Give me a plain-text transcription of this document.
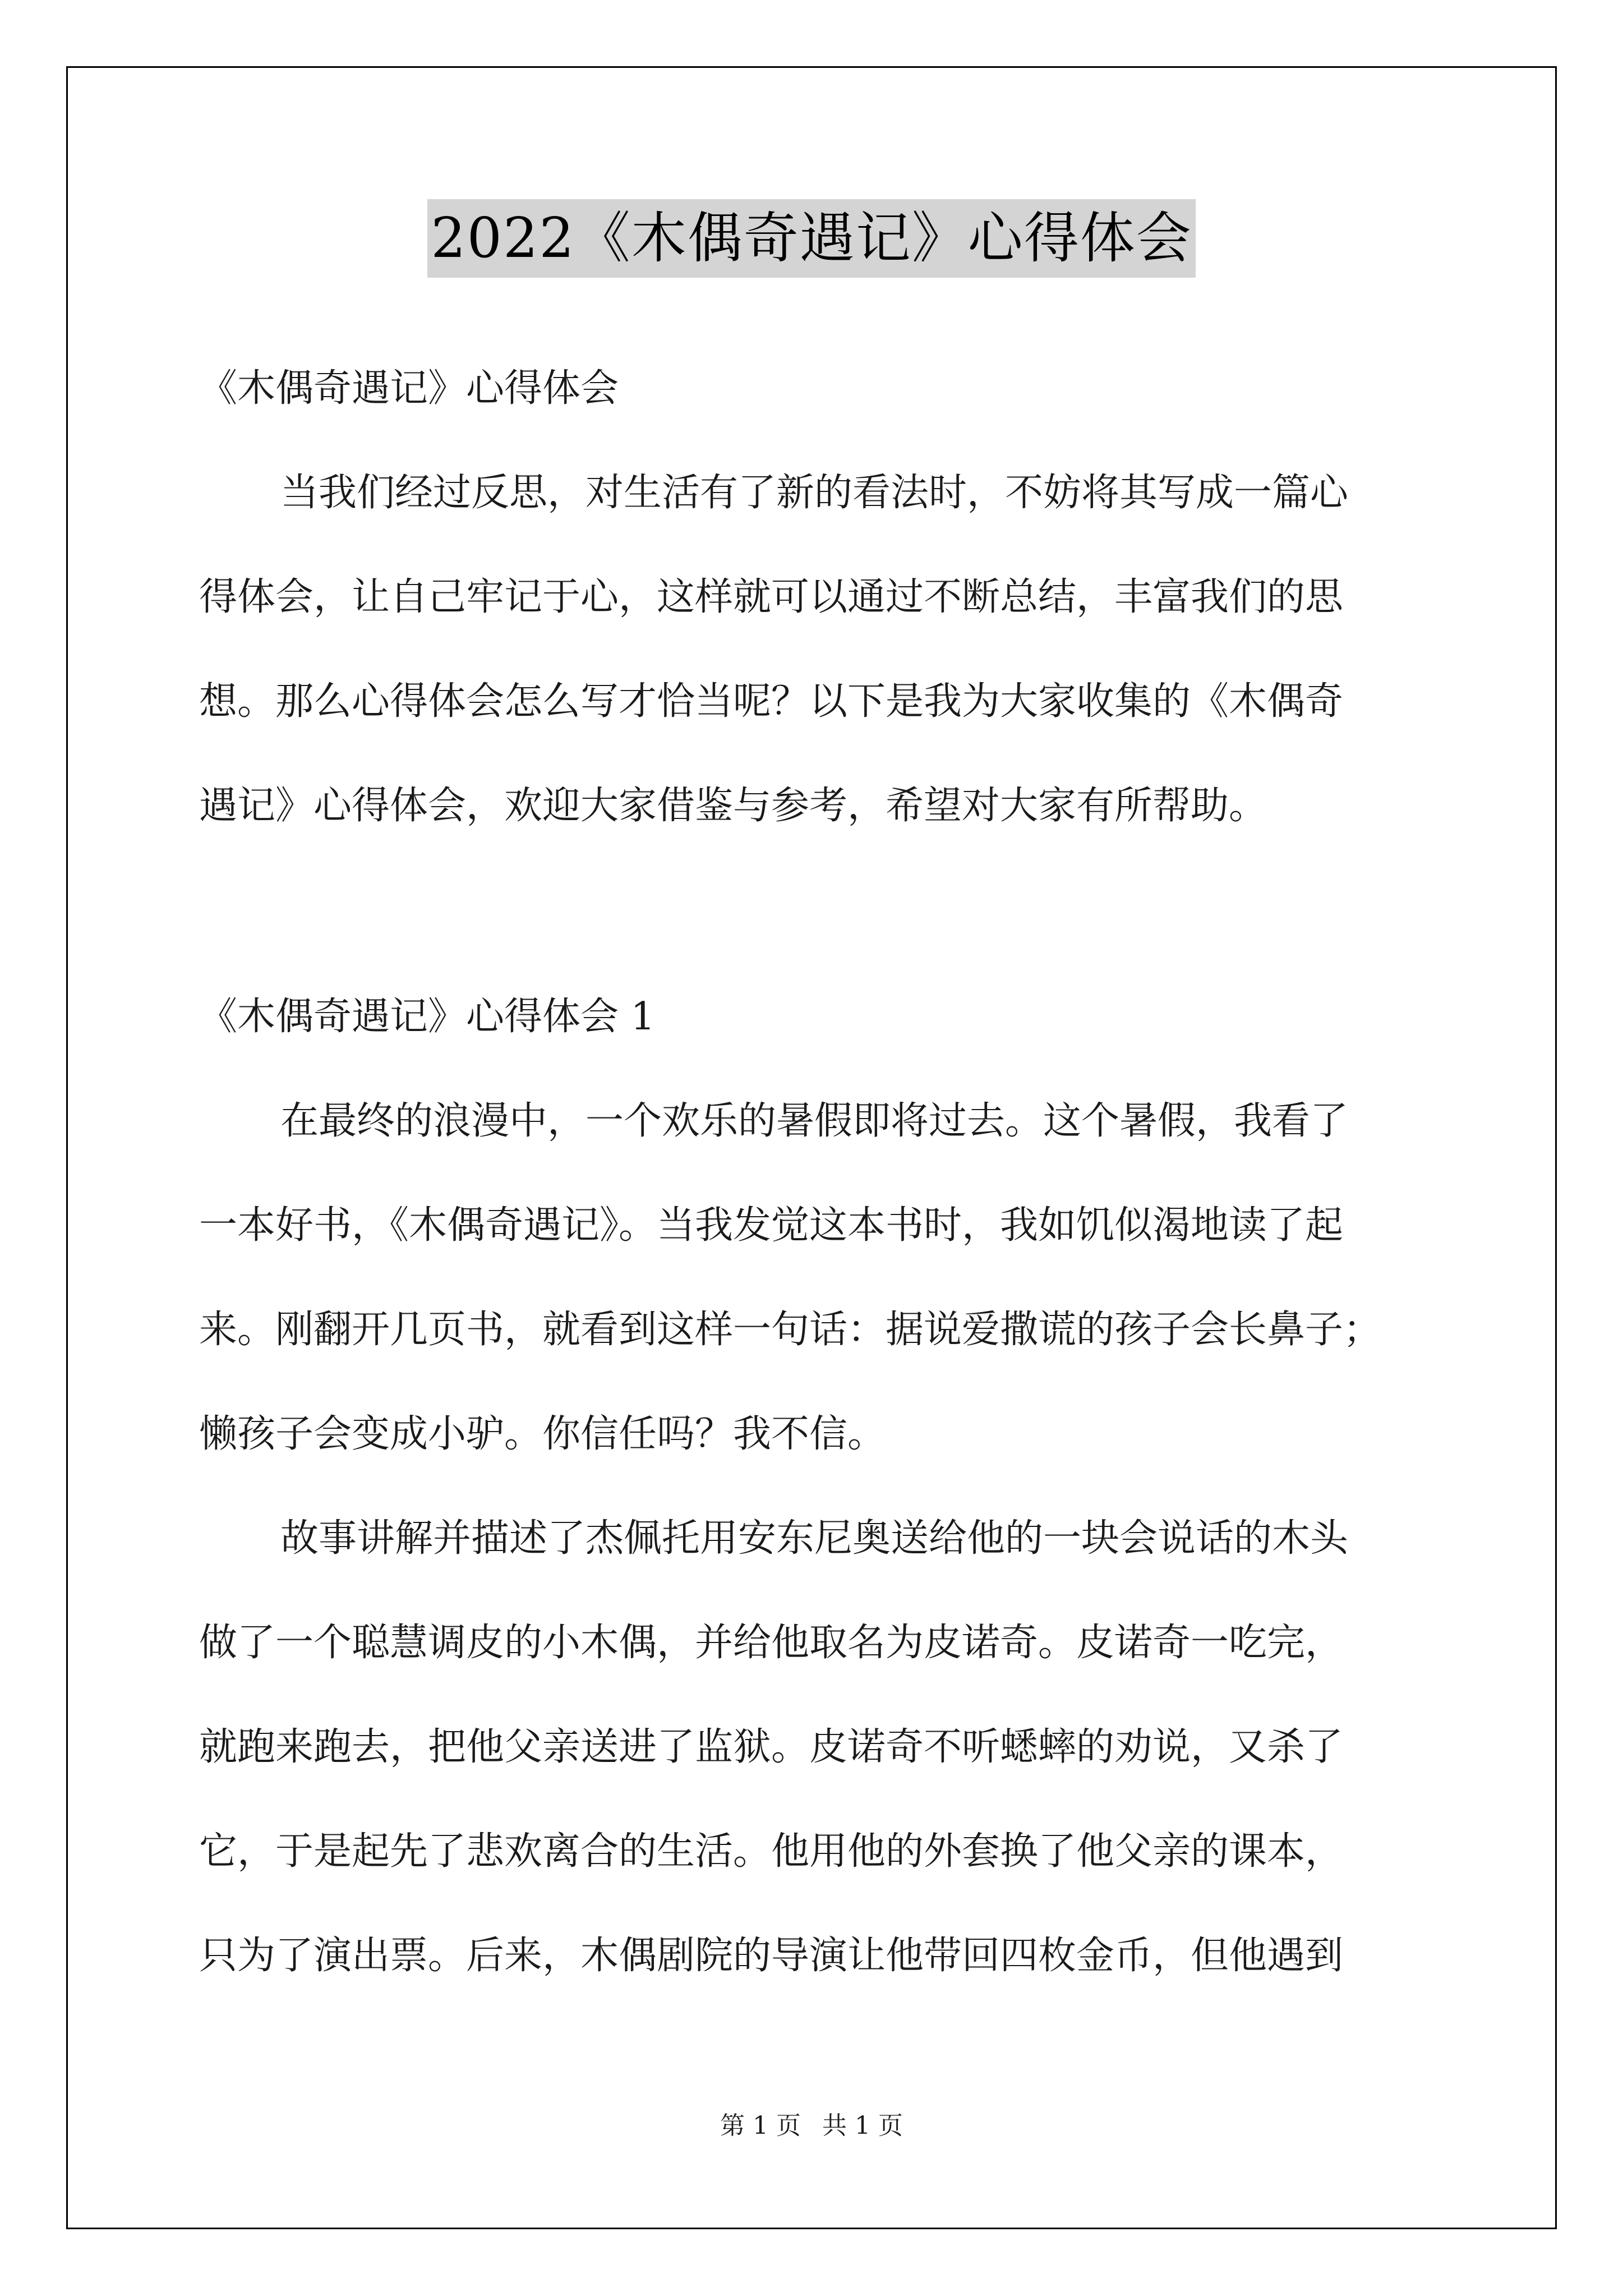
2022《木偶奇遇记》心得体会
《木偶奇遇记》心得体会
当我们经过反思，对生活有了新的看法时，不妨将其写成一篇心
得体会，让自己牢记于心，这样就可以通过不断总结，丰富我们的思
想。那么心得体会怎么写才恰当呢？以下是我为大家收集的《木偶奇
遇记》心得体会，欢迎大家借鉴与参考，希望对大家有所帮助。
《木偶奇遇记》心得体会 1
在最终的浪漫中，一个欢乐的暑假即将过去。这个暑假，我看了
一本好书，《木偶奇遇记》。当我发觉这本书时，我如饥似渴地读了起
来。刚翻开几页书，就看到这样一句话：据说爱撒谎的孩子会长鼻子；
懒孩子会变成小驴。你信任吗？我不信。
故事讲解并描述了杰佩托用安东尼奥送给他的一块会说话的木头
做了一个聪慧调皮的小木偶，并给他取名为皮诺奇。皮诺奇一吃完，
就跑来跑去，把他父亲送进了监狱。皮诺奇不听蟋蟀的劝说，又杀了
它，于是起先了悲欢离合的生活。他用他的外套换了他父亲的课本，
只为了演出票。后来，木偶剧院的导演让他带回四枚金币，但他遇到
第 1 页 共 1 页
